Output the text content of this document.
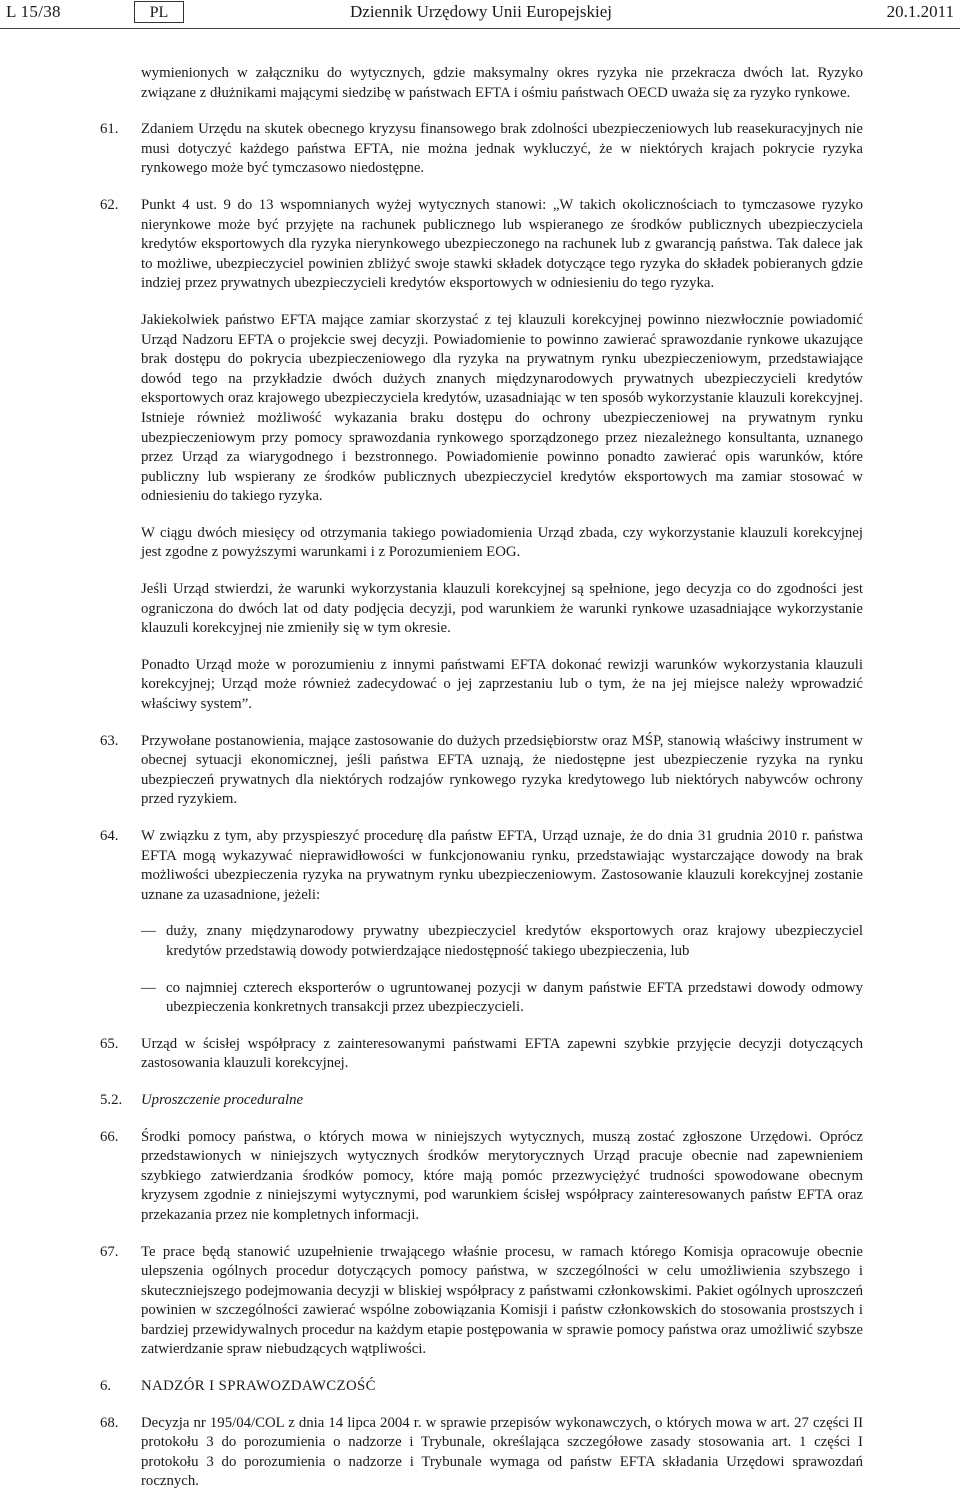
L 15/38	PL	Dziennik Urzędowy Unii Europejskiej	20.1.2011
wymienionych w załączniku do wytycznych, gdzie maksymalny okres ryzyka nie przekracza dwóch lat. Ryzyko związane z dłużnikami mającymi siedzibę w państwach EFTA i ośmiu państwach OECD uważa się za ryzyko rynkowe.
61. Zdaniem Urzędu na skutek obecnego kryzysu finansowego brak zdolności ubezpieczeniowych lub reasekuracyjnych nie musi dotyczyć każdego państwa EFTA, nie można jednak wykluczyć, że w niektórych krajach pokrycie ryzyka rynkowego może być tymczasowo niedostępne.
62. Punkt 4 ust. 9 do 13 wspomnianych wyżej wytycznych stanowi: „W takich okolicznościach to tymczasowe ryzyko nierynkowe może być przyjęte na rachunek publicznego lub wspieranego ze środków publicznych ubezpieczyciela kredytów eksportowych dla ryzyka nierynkowego ubezpieczonego na rachunek lub z gwarancją państwa. Tak dalece jak to możliwe, ubezpieczyciel powinien zbliżyć swoje stawki składek dotyczące tego ryzyka do składek pobieranych gdzie indziej przez prywatnych ubezpieczycieli kredytów eksportowych w odniesieniu do tego ryzyka.
Jakiekolwiek państwo EFTA mające zamiar skorzystać z tej klauzuli korekcyjnej powinno niezwłocznie powiadomić Urząd Nadzoru EFTA o projekcie swej decyzji. Powiadomienie to powinno zawierać sprawozdanie rynkowe ukazujące brak dostępu do pokrycia ubezpieczeniowego dla ryzyka na prywatnym rynku ubezpieczeniowym, przedstawiające dowód tego na przykładzie dwóch dużych znanych międzynarodowych prywatnych ubezpieczycieli kredytów eksportowych oraz krajowego ubezpieczyciela kredytów, uzasadniając w ten sposób wykorzystanie klauzuli korekcyjnej. Istnieje również możliwość wykazania braku dostępu do ochrony ubezpieczeniowej na prywatnym rynku ubezpieczeniowym przy pomocy sprawozdania rynkowego sporządzonego przez niezależnego konsultanta, uznanego przez Urząd za wiarygodnego i bezstronnego. Powiadomienie powinno ponadto zawierać opis warunków, które publiczny lub wspierany ze środków publicznych ubezpieczyciel kredytów eksportowych ma zamiar stosować w odniesieniu do takiego ryzyka.
W ciągu dwóch miesięcy od otrzymania takiego powiadomienia Urząd zbada, czy wykorzystanie klauzuli korekcyjnej jest zgodne z powyższymi warunkami i z Porozumieniem EOG.
Jeśli Urząd stwierdzi, że warunki wykorzystania klauzuli korekcyjnej są spełnione, jego decyzja co do zgodności jest ograniczona do dwóch lat od daty podjęcia decyzji, pod warunkiem że warunki rynkowe uzasadniające wykorzystanie klauzuli korekcyjnej nie zmieniły się w tym okresie.
Ponadto Urząd może w porozumieniu z innymi państwami EFTA dokonać rewizji warunków wykorzystania klauzuli korekcyjnej; Urząd może również zadecydować o jej zaprzestaniu lub o tym, że na jej miejsce należy wprowadzić właściwy system”.
63. Przywołane postanowienia, mające zastosowanie do dużych przedsiębiorstw oraz MŚP, stanowią właściwy instrument w obecnej sytuacji ekonomicznej, jeśli państwa EFTA uznają, że niedostępne jest ubezpieczenie ryzyka na rynku ubezpieczeń prywatnych dla niektórych rodzajów rynkowego ryzyka kredytowego lub niektórych nabywców ochrony przed ryzykiem.
64. W związku z tym, aby przyspieszyć procedurę dla państw EFTA, Urząd uznaje, że do dnia 31 grudnia 2010 r. państwa EFTA mogą wykazywać nieprawidłowości w funkcjonowaniu rynku, przedstawiając wystarczające dowody na brak możliwości ubezpieczenia ryzyka na prywatnym rynku ubezpieczeniowym. Zastosowanie klauzuli korekcyjnej zostanie uznane za uzasadnione, jeżeli:
— duży, znany międzynarodowy prywatny ubezpieczyciel kredytów eksportowych oraz krajowy ubezpieczyciel kredytów przedstawią dowody potwierdzające niedostępność takiego ubezpieczenia, lub
— co najmniej czterech eksporterów o ugruntowanej pozycji w danym państwie EFTA przedstawi dowody odmowy ubezpieczenia konkretnych transakcji przez ubezpieczycieli.
65. Urząd w ścisłej współpracy z zainteresowanymi państwami EFTA zapewni szybkie przyjęcie decyzji dotyczących zastosowania klauzuli korekcyjnej.
5.2. Uproszczenie proceduralne
66. Środki pomocy państwa, o których mowa w niniejszych wytycznych, muszą zostać zgłoszone Urzędowi. Oprócz przedstawionych w niniejszych wytycznych środków merytorycznych Urząd pracuje obecnie nad zapewnieniem szybkiego zatwierdzania środków pomocy, które mają pomóc przezwyciężyć trudności spowodowane obecnym kryzysem zgodnie z niniejszymi wytycznymi, pod warunkiem ścisłej współpracy zainteresowanych państw EFTA oraz przekazania przez nie kompletnych informacji.
67. Te prace będą stanowić uzupełnienie trwającego właśnie procesu, w ramach którego Komisja opracowuje obecnie ulepszenia ogólnych procedur dotyczących pomocy państwa, w szczególności w celu umożliwienia szybszego i skuteczniejszego podejmowania decyzji w bliskiej współpracy z państwami członkowskimi. Pakiet ogólnych uproszczeń powinien w szczególności zawierać wspólne zobowiązania Komisji i państw członkowskich do stosowania prostszych i bardziej przewidywalnych procedur na każdym etapie postępowania w sprawie pomocy państwa oraz umożliwić szybsze zatwierdzanie spraw niebudzących wątpliwości.
6. NADZÓR I SPRAWOZDAWCZOŚĆ
68. Decyzja nr 195/04/COL z dnia 14 lipca 2004 r. w sprawie przepisów wykonawczych, o których mowa w art. 27 części II protokołu 3 do porozumienia o nadzorze i Trybunale, określająca szczegółowe zasady stosowania art. 1 części I protokołu 3 do porozumienia o nadzorze i Trybunale wymaga od państw EFTA składania Urzędowi sprawozdań rocznych.
